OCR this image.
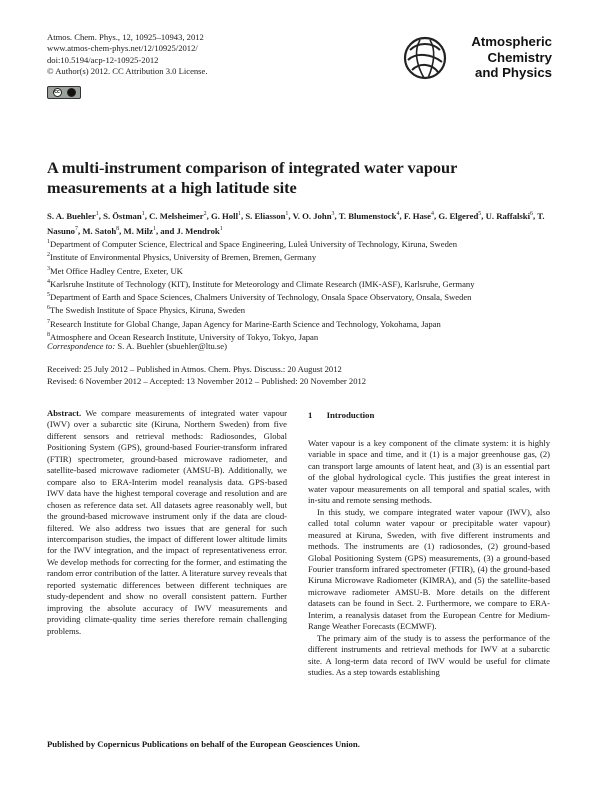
Atmos. Chem. Phys., 12, 10925–10943, 2012
www.atmos-chem-phys.net/12/10925/2012/
doi:10.5194/acp-12-10925-2012
© Author(s) 2012. CC Attribution 3.0 License.
cc
Atmospheric
Chemistry
and Physics
A multi-instrument comparison of integrated water vapour measurements at a high latitude site
S. A. Buehler$^1$, S. Östman$^1$, C. Melsheimer$^2$, G. Holl$^1$, S. Eliasson$^1$, V. O. John$^3$, T. Blumenstock$^4$, F. Hase$^4$, G. Elgered$^5$, U. Raffalski$^6$, T. Nasuno$^7$, M. Satoh$^8$, M. Milz$^1$, and J. Mendrok$^1$
$^1$Department of Computer Science, Electrical and Space Engineering, Luleå University of Technology, Kiruna, Sweden
$^2$Institute of Environmental Physics, University of Bremen, Bremen, Germany
$^3$Met Office Hadley Centre, Exeter, UK
$^4$Karlsruhe Institute of Technology (KIT), Institute for Meteorology and Climate Research (IMK-ASF), Karlsruhe, Germany
$^5$Department of Earth and Space Sciences, Chalmers University of Technology, Onsala Space Observatory, Onsala, Sweden
$^6$The Swedish Institute of Space Physics, Kiruna, Sweden
$^7$Research Institute for Global Change, Japan Agency for Marine-Earth Science and Technology, Yokohama, Japan
$^8$Atmosphere and Ocean Research Institute, University of Tokyo, Tokyo, Japan
Correspondence to: S. A. Buehler (sbuehler@ltu.se)
Received: 25 July 2012 – Published in Atmos. Chem. Phys. Discuss.: 20 August 2012
Revised: 6 November 2012 – Accepted: 13 November 2012 – Published: 20 November 2012
Abstract. We compare measurements of integrated water vapour (IWV) over a subarctic site (Kiruna, Northern Sweden) from five different sensors and retrieval methods: Radiosondes, Global Positioning System (GPS), ground-based Fourier-transform infrared (FTIR) spectrometer, ground-based microwave radiometer, and satellite-based microwave radiometer (AMSU-B). Additionally, we compare also to ERA-Interim model reanalysis data. GPS-based IWV data have the highest temporal coverage and resolution and are chosen as reference data set. All datasets agree reasonably well, but the ground-based microwave instrument only if the data are cloud-filtered. We also address two issues that are general for such intercomparison studies, the impact of different lower altitude limits for the IWV integration, and the impact of representativeness error. We develop methods for correcting for the former, and estimating the random error contribution of the latter. A literature survey reveals that reported systematic differences between different techniques are study-dependent and show no overall consistent pattern. Further improving the absolute accuracy of IWV measurements and providing climate-quality time series therefore remain challenging problems.
1 Introduction

Water vapour is a key component of the climate system: it is highly variable in space and time, and it (1) is a major greenhouse gas, (2) can transport large amounts of latent heat, and (3) is an essential part of the global hydrological cycle. This justifies the great interest in water vapour measurements on all temporal and spatial scales, with in-situ and remote sensing methods.

In this study, we compare integrated water vapour (IWV), also called total column water vapour or precipitable water vapour) measured at Kiruna, Sweden, with five different instruments and methods. The instruments are (1) radiosondes, (2) ground-based Global Positioning System (GPS) measurements, (3) a ground-based Fourier transform infrared spectrometer (FTIR), (4) the ground-based Kiruna Microwave Radiometer (KIMRA), and (5) the satellite-based microwave radiometer AMSU-B. More details on the different datasets can be found in Sect. 2. Furthermore, we compare to ERA-Interim, a reanalysis dataset from the European Centre for Medium-Range Weather Forecasts (ECMWF).

The primary aim of the study is to assess the performance of the different instruments and retrieval methods for IWV at a subarctic site. A long-term data record of IWV would be useful for climate studies. As a step towards establishing

Published by Copernicus Publications on behalf of the European Geosciences Union.
